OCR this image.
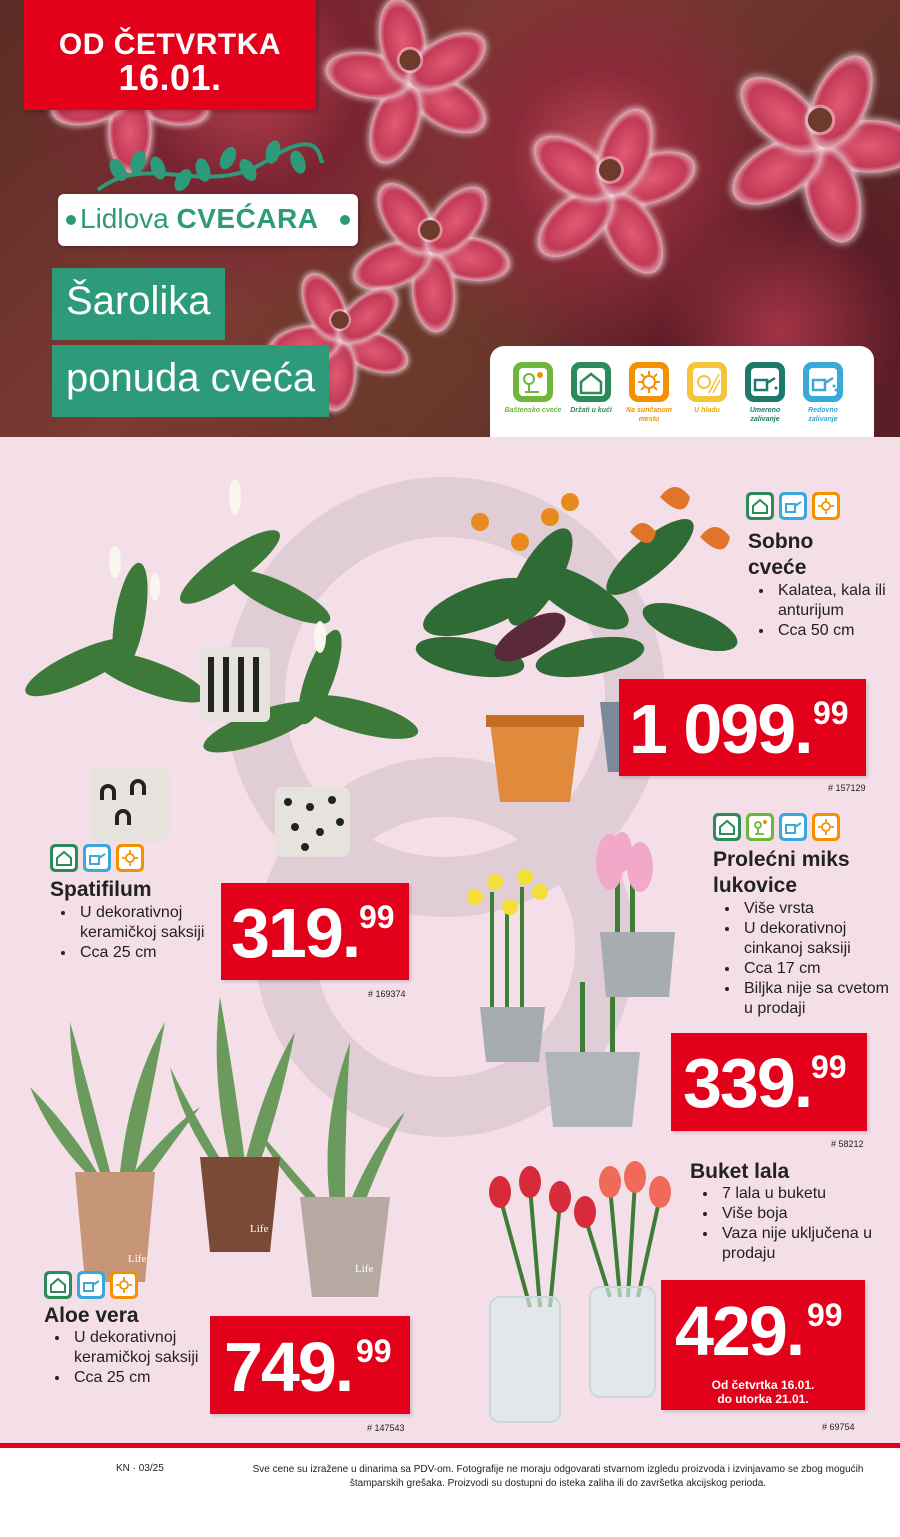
OD ČETVRTKA
16.01.
Lidlova CVEĆARA
Šarolika
ponuda cveća
Baštensko cveće	Držati u kući	Na sunčanom mestu
U hladu	Umereno zalivanje
Redovno zalivanje
Sobno
cveće
• Kalatea, kala ili anturijum
• Cca 50 cm
1 099. 99
# 157129
Spatifilum
• U dekorativnoj keramičkoj saksiji
• Cca 25 cm	319. 99
# 169374
Prolećni miks
lukovice
• Više vrsta
• U dekorativnoj cinkanoj saksiji
• Cca 17 cm
• Biljka nije sa cvetom u prodaji
339. 99
# 58212
Life
Life
Life
Aloe vera
• U dekorativnoj keramičkoj saksiji
• Cca 25 cm	749. 99
# 147543
Buket lala
• 7 lala u buketu
• Više boja
• Vaza nije uključena u prodaju
429. 99
Od četvrtka 16.01.
do utorka 21.01.
# 69754
KN · 03/25	Sve cene su izražene u dinarima sa PDV-om. Fotografije ne moraju odgovarati stvarnom izgledu proizvoda i izvinjavamo se zbog mogućih štamparskih grešaka. Proizvodi su dostupni do isteka zaliha ili do završetka akcijskog perioda.
